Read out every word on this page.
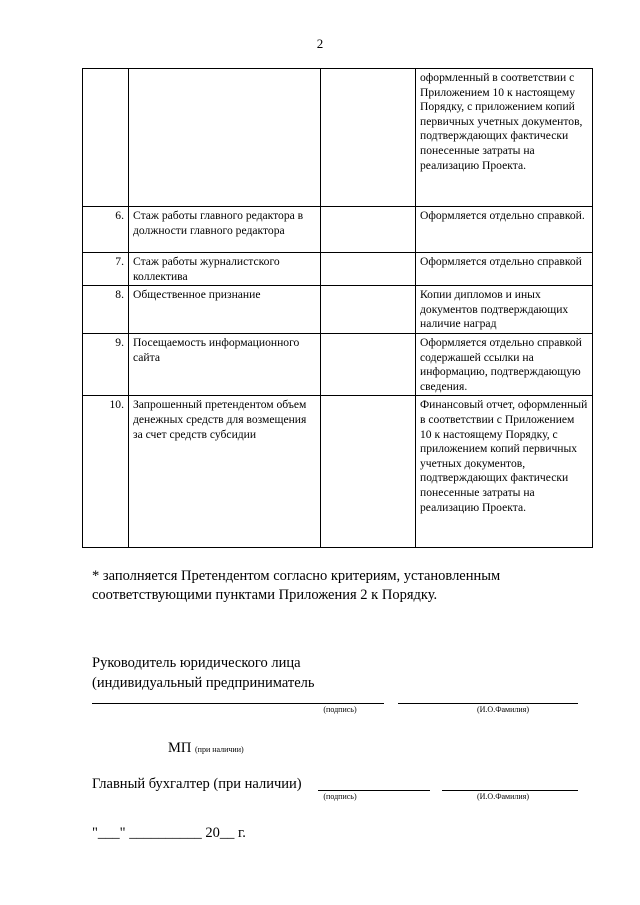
2
			оформленный в соответствии с Приложением 10 к настоящему Порядку, с приложением копий первичных учетных документов, подтверждающих фактически понесенные затраты на реализацию Проекта.
6.	Стаж работы главного редактора в должности главного редактора		Оформляется отдельно справкой.
7.	Стаж работы журналистского коллектива		Оформляется отдельно справкой
8.	Общественное признание		Копии дипломов и иных документов подтверждающих наличие наград
9.	Посещаемость информационного сайта		Оформляется отдельно справкой содержашей ссылки на информацию, подтверждающую сведения.
10.	Запрошенный претендентом объем денежных средств для возмещения за счет средств субсидии		Финансовый отчет, оформленный в соответствии с Приложением 10 к настоящему Порядку, с приложением копий первичных учетных документов, подтверждающих фактически понесенные затраты на реализацию Проекта.
* заполняется Претендентом согласно критериям, установленным соответствующими пунктами Приложения 2 к Порядку.
Руководитель юридического лица
(индивидуальный предприниматель
(подпись)	(И.О.Фамилия)
МП (при наличии)
Главный бухгалтер (при наличии)
(подпись)	(И.О.Фамилия)
"___" __________ 20__ г.
